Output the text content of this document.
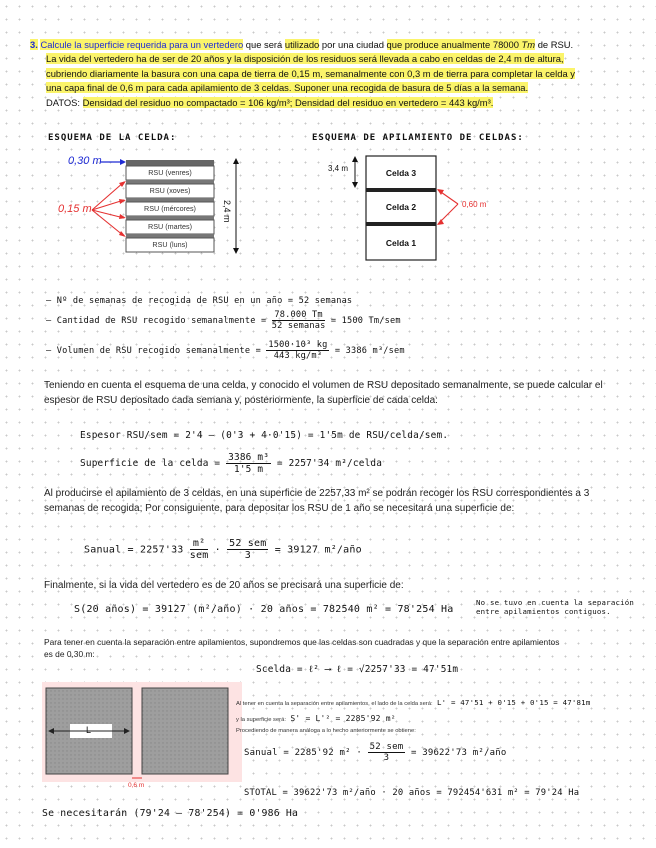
3. Calcule la superficie requerida para un vertedero que será utilizado por una ciudad que produce anualmente 78000 Tm de RSU.
La vida del vertedero ha de ser de 20 años y la disposición de los residuos será llevada a cabo en celdas de 2,4 m de altura,
cubriendo diariamente la basura con una capa de tierra de 0,15 m, semanalmente con 0,3 m de tierra para completar la celda y
una capa final de 0,6 m para cada apilamiento de 3 celdas. Suponer una recogida de basura de 5 días a la semana.
DATOS: Densidad del residuo no compactado = 106 kg/m³; Densidad del residuo en vertedero = 443 kg/m³.
ESQUEMA DE LA CELDA:	ESQUEMA DE APILAMIENTO DE CELDAS:
0,30 m
0,15 m	2,4 m
RSU (venres)
RSU (xoves)
RSU (mércores)
RSU (martes)
RSU (luns)
3,4 m
0,60 m
Celda 3
Celda 2
Celda 1
– Nº de semanas de recogida de RSU en un año = 52 semanas
– Cantidad de RSU recogido semanalmente = $\frac{78.000 Tm}{\text{52 semanas}} = 1500$ Tm/sem
– Volumen de RSU recogido semanalmente = $\frac{\text{1500·10³ kg}}{\text{443 kg/m³}} = 3386$ m³/sem
Teniendo en cuenta el esquema de una celda, y conocido el volumen de RSU depositado semanalmente, se puede calcular el espesor de RSU depositado cada semana y, posteriormente, la superficie de cada celda:
Espesor RSU/sem = 2'4 – (0'3 + 4·0'15) = 1'5m de RSU/celda/sem.
Superficie de la celda = $\frac{\text{3386 m³}}{1'5 m} = 2257'34$ m²/celda
Al producirse el apilamiento de 3 celdas, en una superficie de 2257,33 m² se podrán recoger los RSU correspondientes a 3 semanas de recogida; Por consiguiente, para depositar los RSU de 1 año se necesitará una superficie de:
Sanual = $2257'33 \frac{\text{m²}}{\text{sem}} \cdot \frac{\text{52 sem}}{3} = 39127$ m²/año
Finalmente, si la vida del vertedero es de 20 años se precisará una superficie de:
S(20 años) = 39127 (m²/año) · 20 años = 782540 m² = 78'254 Ha
No se tuvo en cuenta la separación
entre apilamientos contiguos.
Para tener en cuenta la separación entre apilamientos, supondremos que las celdas son cuadradas y que la separación entre apilamientos es de 0,30 m:
Scelda = ℓ² ⟶ ℓ = √2257'33 = 47'51m
L
0,6 m
Al tener en cuenta la separación entre apilamientos, el lado de la celda será: L' = 47'51 + 0'15 + 0'15 = 47'81m
y la superficie será: S' = L'² = 2285'92 m²
Procediendo de manera análoga a lo hecho anteriormente se obtiene:
Sanual = 2285'92 $m^2 \cdot \frac{\text{52 sem}}{3} = 39622'73$ m²/año
STOTAL = 39622'73 m²/año · 20 años = 792454'631 m² = 79'24 Ha
Se necesitarán (79'24 – 78'254) = 0'986 Ha
